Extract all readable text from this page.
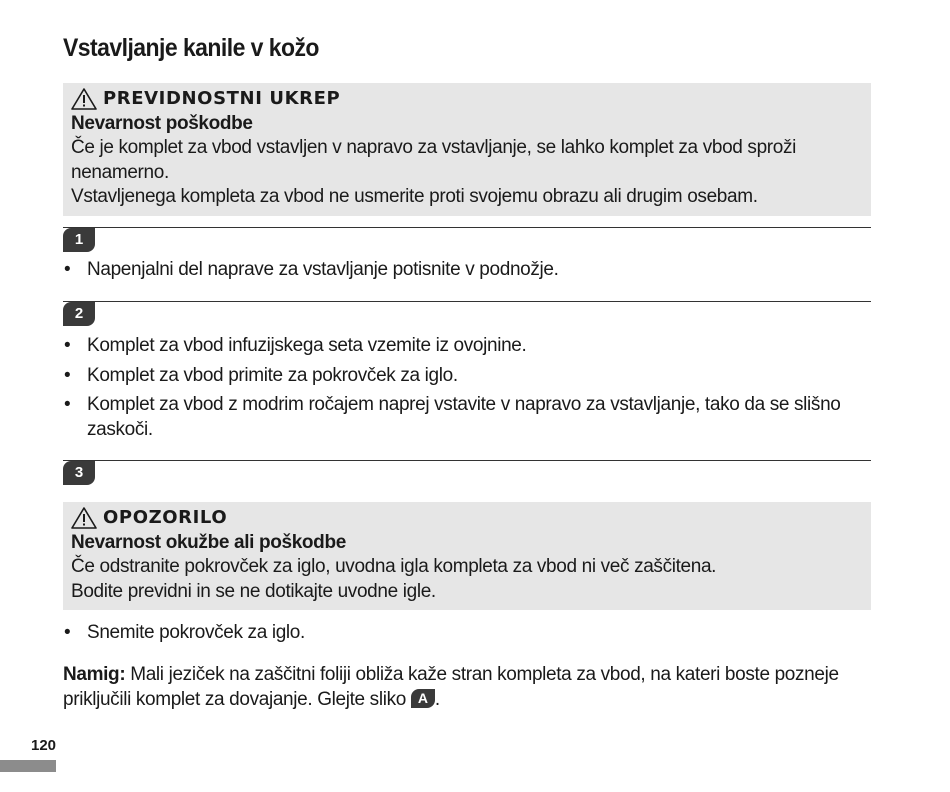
Vstavljanje kanile v kožo
PREVIDNOSTNI UKREP
Nevarnost poškodbe
Če je komplet za vbod vstavljen v napravo za vstavljanje, se lahko komplet za vbod sproži nenamerno.
Vstavljenega kompleta za vbod ne usmerite proti svojemu obrazu ali drugim osebam.
1
• Napenjalni del naprave za vstavljanje potisnite v podnožje.
2
• Komplet za vbod infuzijskega seta vzemite iz ovojnine.
• Komplet za vbod primite za pokrovček za iglo.
• Komplet za vbod z modrim ročajem naprej vstavite v napravo za vstavljanje, tako da se slišno zaskoči.
3
OPOZORILO
Nevarnost okužbe ali poškodbe
Če odstranite pokrovček za iglo, uvodna igla kompleta za vbod ni več zaščitena.
Bodite previdni in se ne dotikajte uvodne igle.
• Snemite pokrovček za iglo.
Namig: Mali jeziček na zaščitni foliji obliža kaže stran kompleta za vbod, na kateri boste pozneje priključili komplet za dovajanje. Glejte sliko A .
120
